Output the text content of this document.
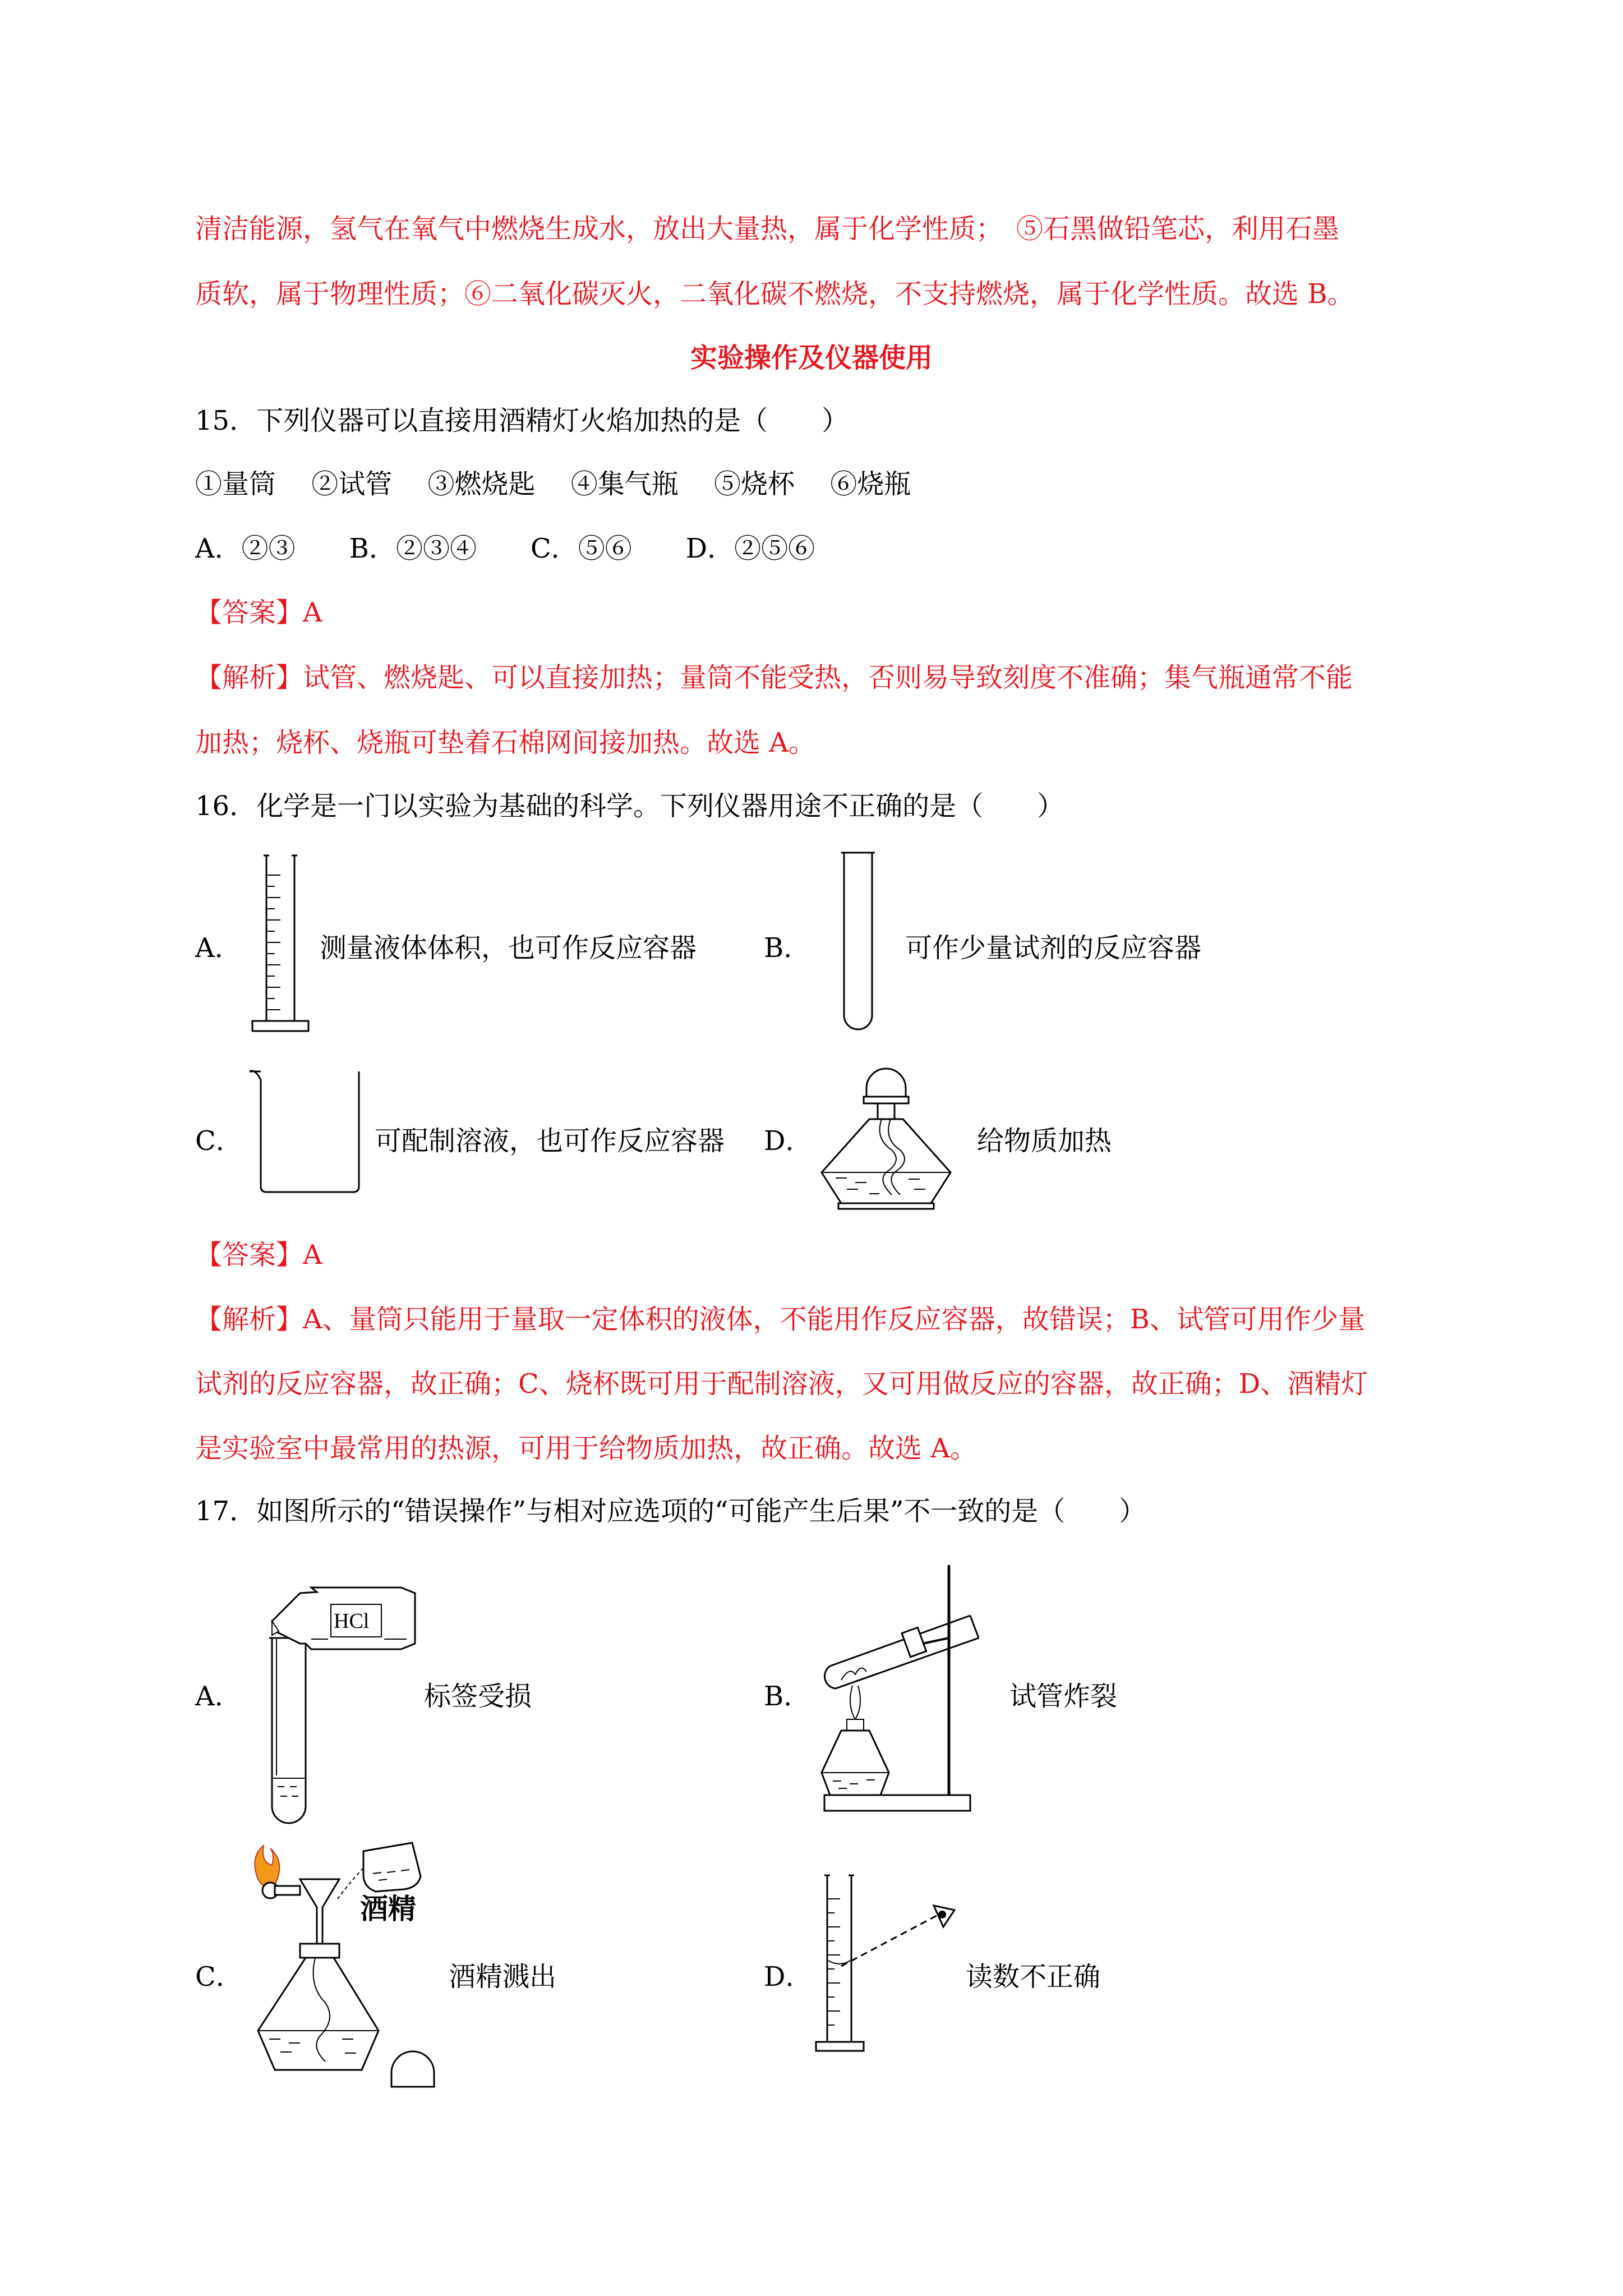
清洁能源，氢气在氧气中燃烧生成水，放出大量热，属于化学性质；　⑤石黑做铅笔芯，利用石墨
质软，属于物理性质；⑥二氧化碳灭火，二氧化碳不燃烧，不支持燃烧，属于化学性质。故选 B。
实验操作及仪器使用
15．下列仪器可以直接用酒精灯火焰加热的是（　　）
①量筒　 ②试管　 ③燃烧匙　 ④集气瓶　 ⑤烧杯　 ⑥烧瓶
A．②③　　B．②③④　　C．⑤⑥　　D．②⑤⑥
【答案】A
【解析】试管、燃烧匙、可以直接加热；量筒不能受热，否则易导致刻度不准确；集气瓶通常不能
加热；烧杯、烧瓶可垫着石棉网间接加热。故选 A。
16．化学是一门以实验为基础的科学。下列仪器用途不正确的是（　　）
A．	测量液体体积，也可作反应容器 B．	可作少量试剂的反应容器
C．	可配制溶液，也可作反应容器 D．	给物质加热
【答案】A
【解析】A、量筒只能用于量取一定体积的液体，不能用作反应容器，故错误；B、试管可用作少量
试剂的反应容器，故正确；C、烧杯既可用于配制溶液，又可用做反应的容器，故正确；D、酒精灯
是实验室中最常用的热源，可用于给物质加热，故正确。故选 A。
17．如图所示的“错误操作”与相对应选项的“可能产生后果”不一致的是（　　）
A．
HCl
标签受损	B．	试管炸裂
C．
酒精
酒精溅出	D．	读数不正确
